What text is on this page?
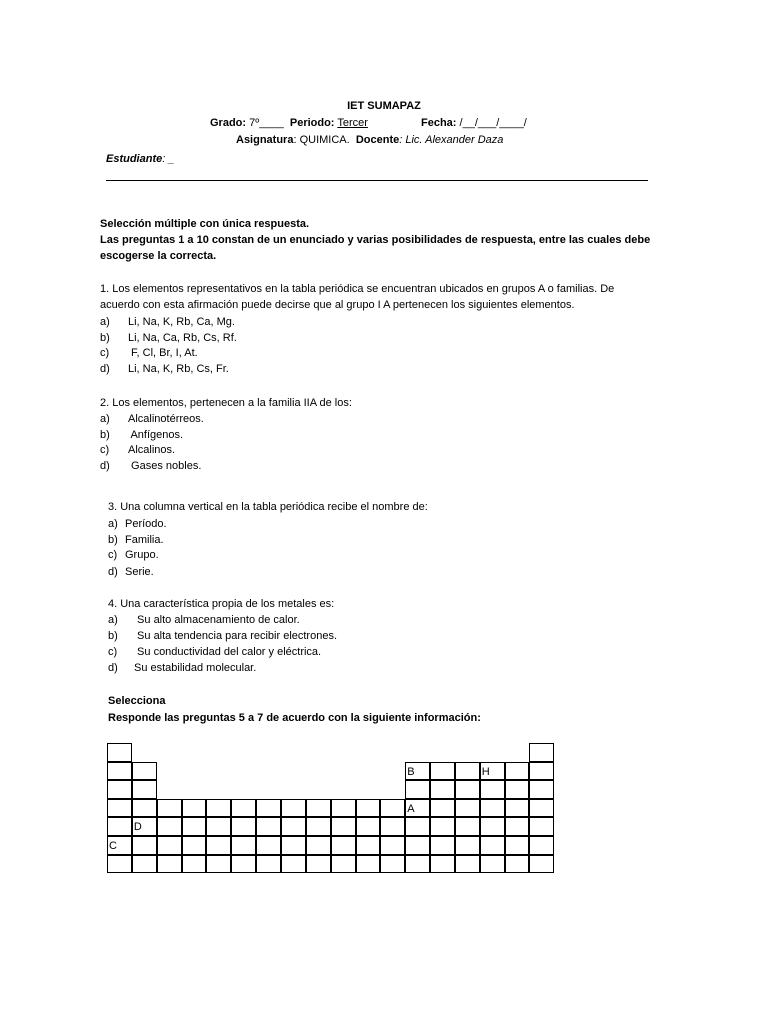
IET SUMAPAZ
Grado: 7º____ Periodo: Tercer	Fecha: /__/___/____/
Asignatura: QUIMICA. Docente: Lic. Alexander Daza
Estudiante: _
Selección múltiple con única respuesta.
Las preguntas 1 a 10 constan de un enunciado y varias posibilidades de respuesta, entre las cuales debe
escogerse la correcta.
1. Los elementos representativos en la tabla periódica se encuentran ubicados en grupos A o familias. De
acuerdo con esta afirmación puede decirse que al grupo I A pertenecen los siguientes elementos.
a) Li, Na, K, Rb, Ca, Mg.
b) Li, Na, Ca, Rb, Cs, Rf.
c) F, Cl, Br, I, At.
d) Li, Na, K, Rb, Cs, Fr.
2. Los elementos, pertenecen a la familia IIA de los:
a) Alcalinotérreos.
b) Anfígenos.
c) Alcalinos.
d) Gases nobles.
3. Una columna vertical en la tabla periódica recibe el nombre de:
a) Período.
b) Familia.
c) Grupo.
d) Serie.
4. Una característica propia de los metales es:
a) Su alto almacenamiento de calor.
b) Su alta tendencia para recibir electrones.
c) Su conductividad del calor y eléctrica.
d) Su estabilidad molecular.
Selecciona
Responde las preguntas 5 a 7 de acuerdo con la siguiente información:
B	H
A
D
C
